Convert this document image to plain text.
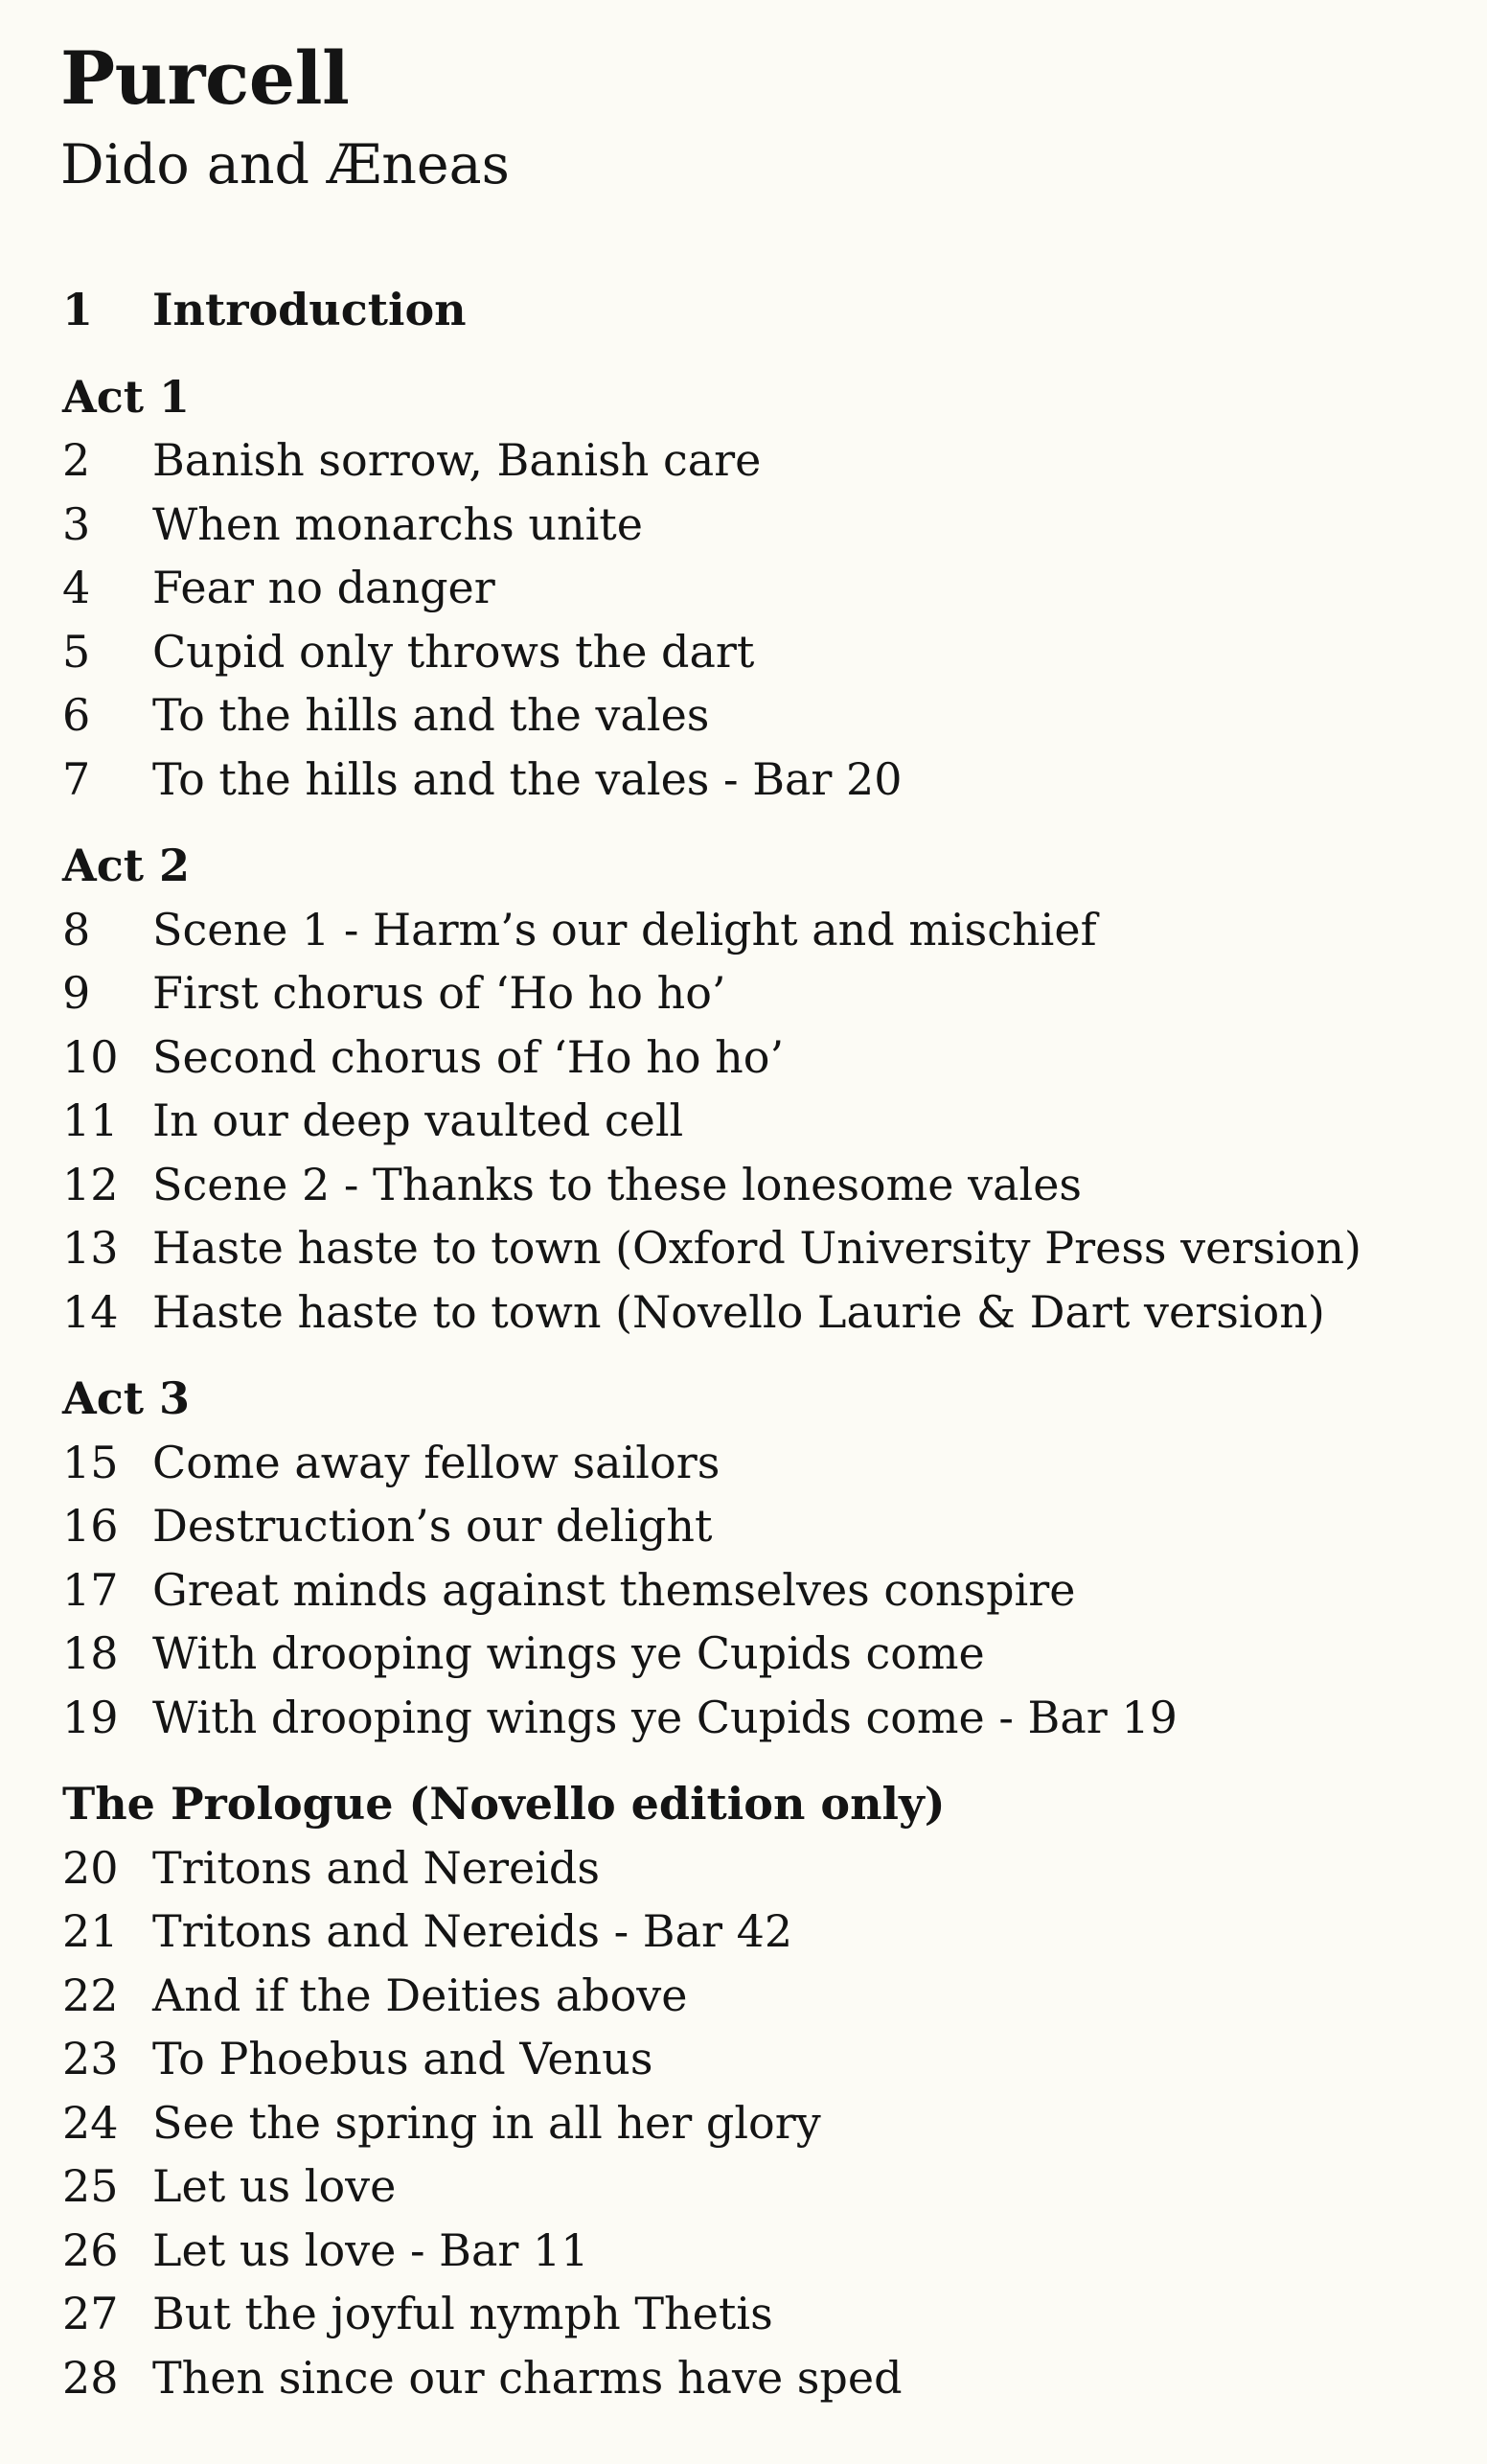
Purcell
Dido and Æneas
1	Introduction
Act 1
2	Banish sorrow, Banish care
3	When monarchs unite
4	Fear no danger
5	Cupid only throws the dart
6	To the hills and the vales
7	To the hills and the vales - Bar 20
Act 2
8	Scene 1 - Harm’s our delight and mischief
9	First chorus of ‘Ho ho ho’
10 Second chorus of ‘Ho ho ho’
11 In our deep vaulted cell
12 Scene 2 - Thanks to these lonesome vales
13 Haste haste to town (Oxford University Press version)
14 Haste haste to town (Novello Laurie & Dart version)
Act 3
15 Come away fellow sailors
16 Destruction’s our delight
17 Great minds against themselves conspire
18 With drooping wings ye Cupids come
19 With drooping wings ye Cupids come - Bar 19
The Prologue (Novello edition only)
20 Tritons and Nereids
21 Tritons and Nereids - Bar 42
22 And if the Deities above
23 To Phoebus and Venus
24 See the spring in all her glory
25 Let us love
26 Let us love - Bar 11
27 But the joyful nymph Thetis
28 Then since our charms have sped
